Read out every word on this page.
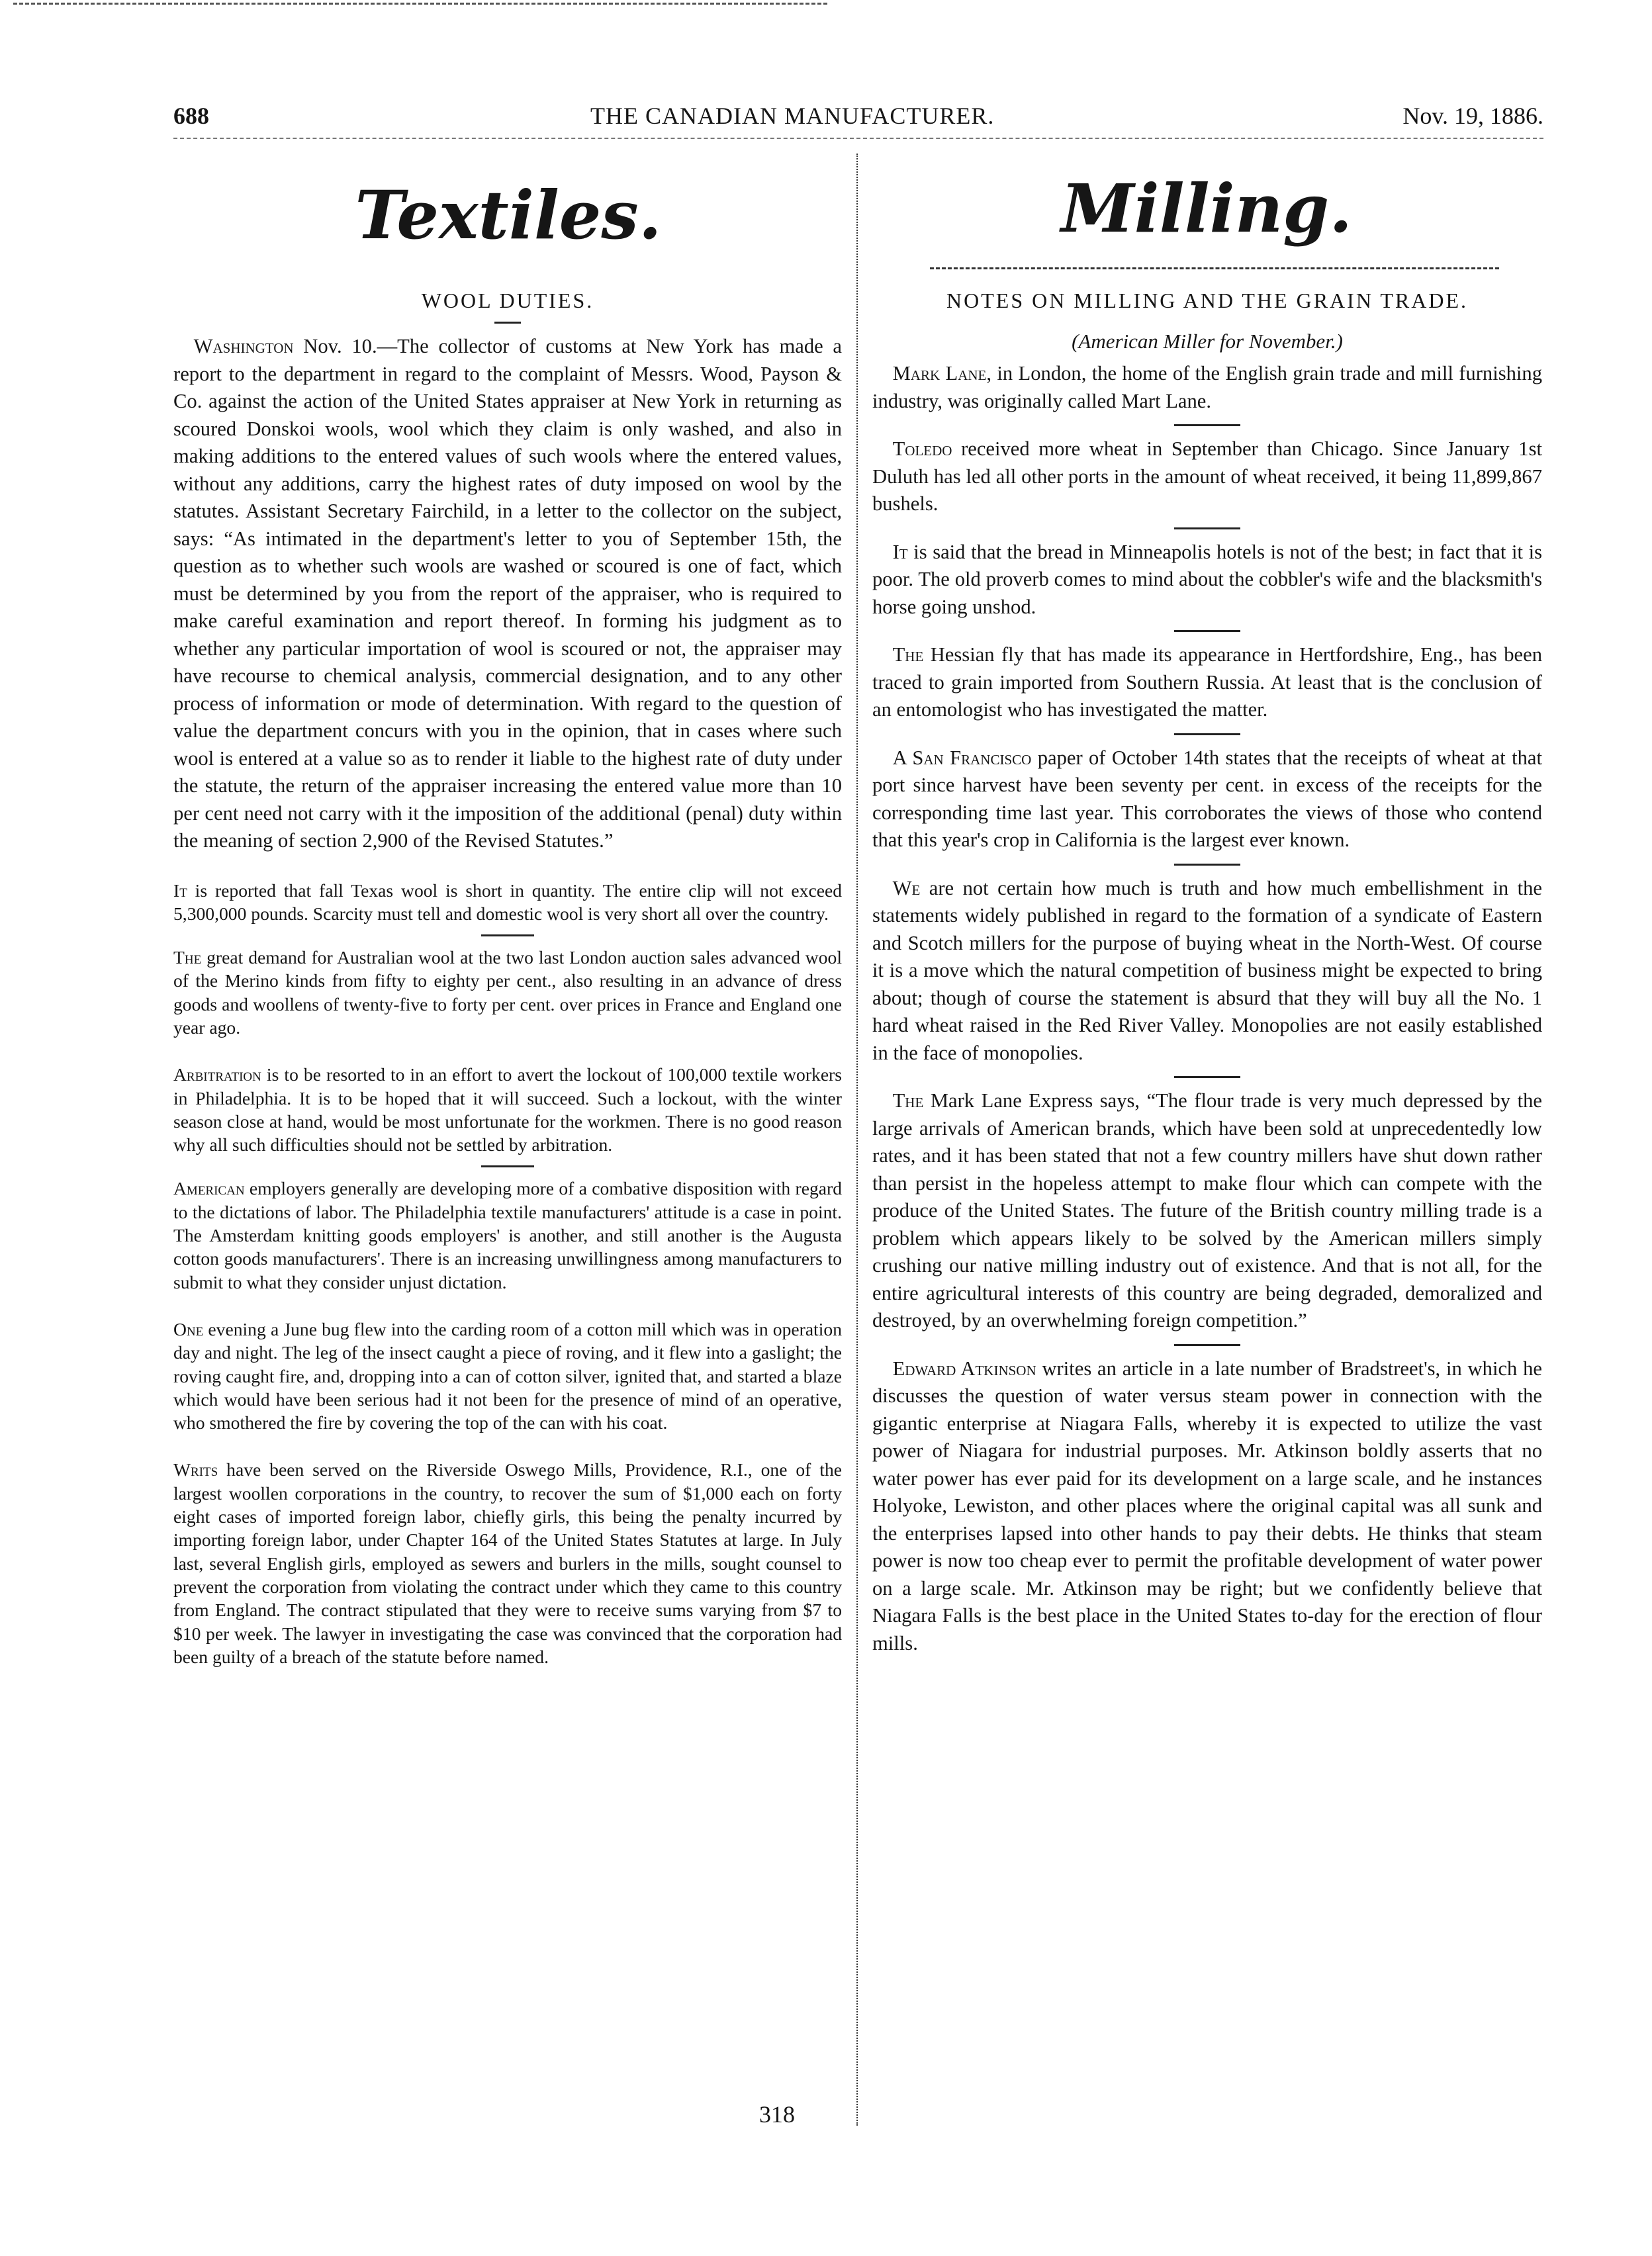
688	THE CANADIAN MANUFACTURER.	Nov. 19, 1886.
Textiles.	Milling.
WOOL DUTIES.

 Washington Nov. 10.—The collector of customs at New York has made a report to the department in regard to the complaint of Messrs. Wood, Payson & Co. against the action of the United States appraiser at New York in returning as scoured Donskoi wools, wool which they claim is only washed, and also in making additions to the entered values of such wools where the entered values, without any additions, carry the highest rates of duty imposed on wool by the statutes. Assistant Secretary Fairchild, in a letter to the collector on the subject, says: “As intimated in the department's letter to you of September 15th, the question as to whether such wools are washed or scoured is one of fact, which must be determined by you from the report of the appraiser, who is required to make careful examination and report thereof. In forming his judgment as to whether any particular importation of wool is scoured or not, the appraiser may have recourse to chemical analysis, commercial designation, and to any other process of information or mode of determination. With regard to the question of value the department concurs with you in the opinion, that in cases where such wool is entered at a value so as to render it liable to the highest rate of duty under the statute, the return of the appraiser increasing the entered value more than 10 per cent need not carry with it the imposition of the additional (penal) duty within the meaning of section 2,900 of the Revised Statutes.”

It is reported that fall Texas wool is short in quantity. The entire clip will not exceed 5,300,000 pounds. Scarcity must tell and domestic wool is very short all over the country.

The great demand for Australian wool at the two last London auction sales advanced wool of the Merino kinds from fifty to eighty per cent., also resulting in an advance of dress goods and woollens of twenty-five to forty per cent. over prices in France and England one year ago.

Arbitration is to be resorted to in an effort to avert the lockout of 100,000 textile workers in Philadelphia. It is to be hoped that it will succeed. Such a lockout, with the winter season close at hand, would be most unfortunate for the workmen. There is no good reason why all such difficulties should not be settled by arbitration.

American employers generally are developing more of a combative disposition with regard to the dictations of labor. The Philadelphia textile manufacturers' attitude is a case in point. The Amsterdam knitting goods employers' is another, and still another is the Augusta cotton goods manufacturers'. There is an increasing unwillingness among manufacturers to submit to what they consider unjust dictation.

One evening a June bug flew into the carding room of a cotton mill which was in operation day and night. The leg of the insect caught a piece of roving, and it flew into a gaslight; the roving caught fire, and, dropping into a can of cotton silver, ignited that, and started a blaze which would have been serious had it not been for the presence of mind of an operative, who smothered the fire by covering the top of the can with his coat.

Writs have been served on the Riverside Oswego Mills, Providence, R.I., one of the largest woollen corporations in the country, to recover the sum of $1,000 each on forty eight cases of imported foreign labor, chiefly girls, this being the penalty incurred by importing foreign labor, under Chapter 164 of the United States Statutes at large. In July last, several English girls, employed as sewers and burlers in the mills, sought counsel to prevent the corporation from violating the contract under which they came to this country from England. The contract stipulated that they were to receive sums varying from $7 to $10 per week. The lawyer in investigating the case was convinced that the corporation had been guilty of a breach of the statute before named.

NOTES ON MILLING AND THE GRAIN TRADE.
(American Miller for November.)

 Mark Lane, in London, the home of the English grain trade and mill furnishing industry, was originally called Mart Lane.

 Toledo received more wheat in September than Chicago. Since January 1st Duluth has led all other ports in the amount of wheat received, it being 11,899,867 bushels.

 It is said that the bread in Minneapolis hotels is not of the best; in fact that it is poor. The old proverb comes to mind about the cobbler's wife and the blacksmith's horse going unshod.

 The Hessian fly that has made its appearance in Hertfordshire, Eng., has been traced to grain imported from Southern Russia. At least that is the conclusion of an entomologist who has investigated the matter.

 A San Francisco paper of October 14th states that the receipts of wheat at that port since harvest have been seventy per cent. in excess of the receipts for the corresponding time last year. This corroborates the views of those who contend that this year's crop in California is the largest ever known.

 We are not certain how much is truth and how much embellishment in the statements widely published in regard to the formation of a syndicate of Eastern and Scotch millers for the purpose of buying wheat in the North-West. Of course it is a move which the natural competition of business might be expected to bring about; though of course the statement is absurd that they will buy all the No. 1 hard wheat raised in the Red River Valley. Monopolies are not easily established in the face of monopolies.

 The Mark Lane Express says, “The flour trade is very much depressed by the large arrivals of American brands, which have been sold at unprecedentedly low rates, and it has been stated that not a few country millers have shut down rather than persist in the hopeless attempt to make flour which can compete with the produce of the United States. The future of the British country milling trade is a problem which appears likely to be solved by the American millers simply crushing our native milling industry out of existence. And that is not all, for the entire agricultural interests of this country are being degraded, demoralized and destroyed, by an overwhelming foreign competition.”

 Edward Atkinson writes an article in a late number of Bradstreet's, in which he discusses the question of water versus steam power in connection with the gigantic enterprise at Niagara Falls, whereby it is expected to utilize the vast power of Niagara for industrial purposes. Mr. Atkinson boldly asserts that no water power has ever paid for its development on a large scale, and he instances Holyoke, Lewiston, and other places where the original capital was all sunk and the enterprises lapsed into other hands to pay their debts. He thinks that steam power is now too cheap ever to permit the profitable development of water power on a large scale. Mr. Atkinson may be right; but we confidently believe that Niagara Falls is the best place in the United States to-day for the erection of flour mills.

318
